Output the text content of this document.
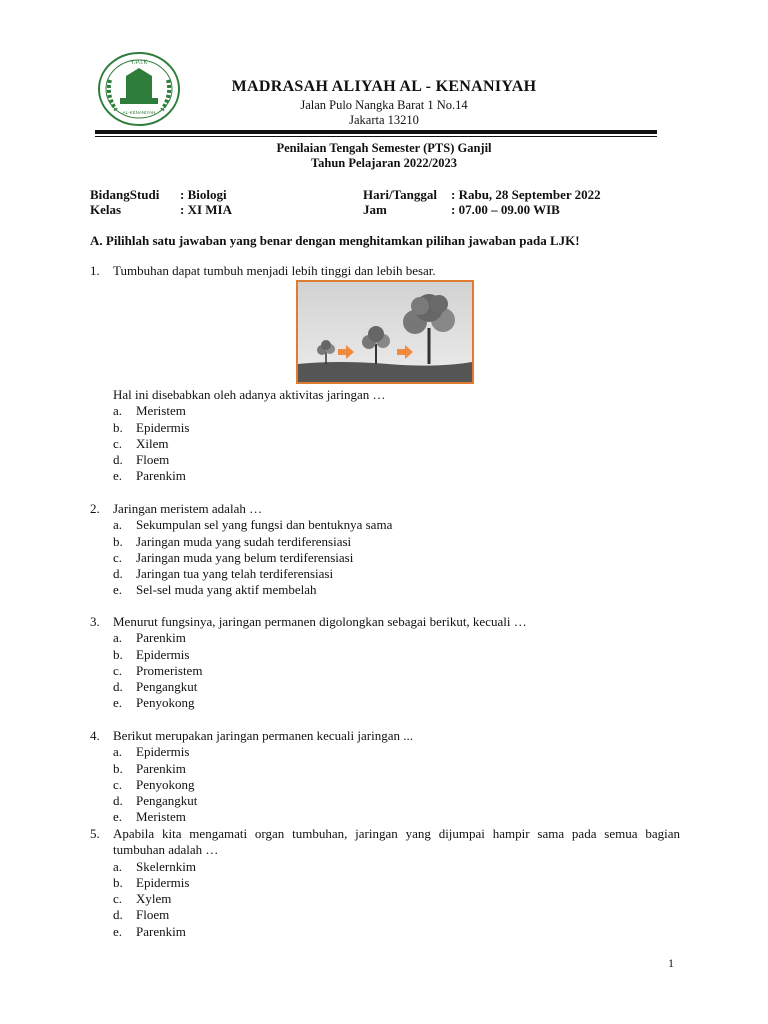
Y.P.I.K
AL-KENANIYAH
MADRASAH ALIYAH AL - KENANIYAH
Jalan Pulo Nangka Barat 1 No.14
Jakarta 13210
Penilaian Tengah Semester (PTS) Ganjil
Tahun Pelajaran 2022/2023
BidangStudi : Biologi
Kelas	: XI MIA
Hari/Tanggal : Rabu, 28 September 2022
Jam	: 07.00 – 09.00 WIB
A. Pilihlah satu jawaban yang benar dengan menghitamkan pilihan jawaban pada LJK!
1.	Tumbuhan dapat tumbuh menjadi lebih tinggi dan lebih besar.
Hal ini disebabkan oleh adanya aktivitas jaringan …
a. Meristem
b. Epidermis
c. Xilem
d. Floem
e. Parenkim
2.	Jaringan meristem adalah …
a. Sekumpulan sel yang fungsi dan bentuknya sama
b. Jaringan muda yang sudah terdiferensiasi
c. Jaringan muda yang belum terdiferensiasi
d. Jaringan tua yang telah terdiferensiasi
e. Sel-sel muda yang aktif membelah
3.	Menurut fungsinya, jaringan permanen digolongkan sebagai berikut, kecuali …
a. Parenkim
b. Epidermis
c. Promeristem
d. Pengangkut
e. Penyokong
4.	Berikut merupakan jaringan permanen kecuali jaringan ...
a. Epidermis
b. Parenkim
c. Penyokong
d. Pengangkut
e. Meristem
5.	Apabila kita mengamati organ tumbuhan, jaringan yang dijumpai hampir sama pada semua bagian tumbuhan adalah …
a. Skelernkim
b. Epidermis
c. Xylem
d. Floem
e. Parenkim
1
